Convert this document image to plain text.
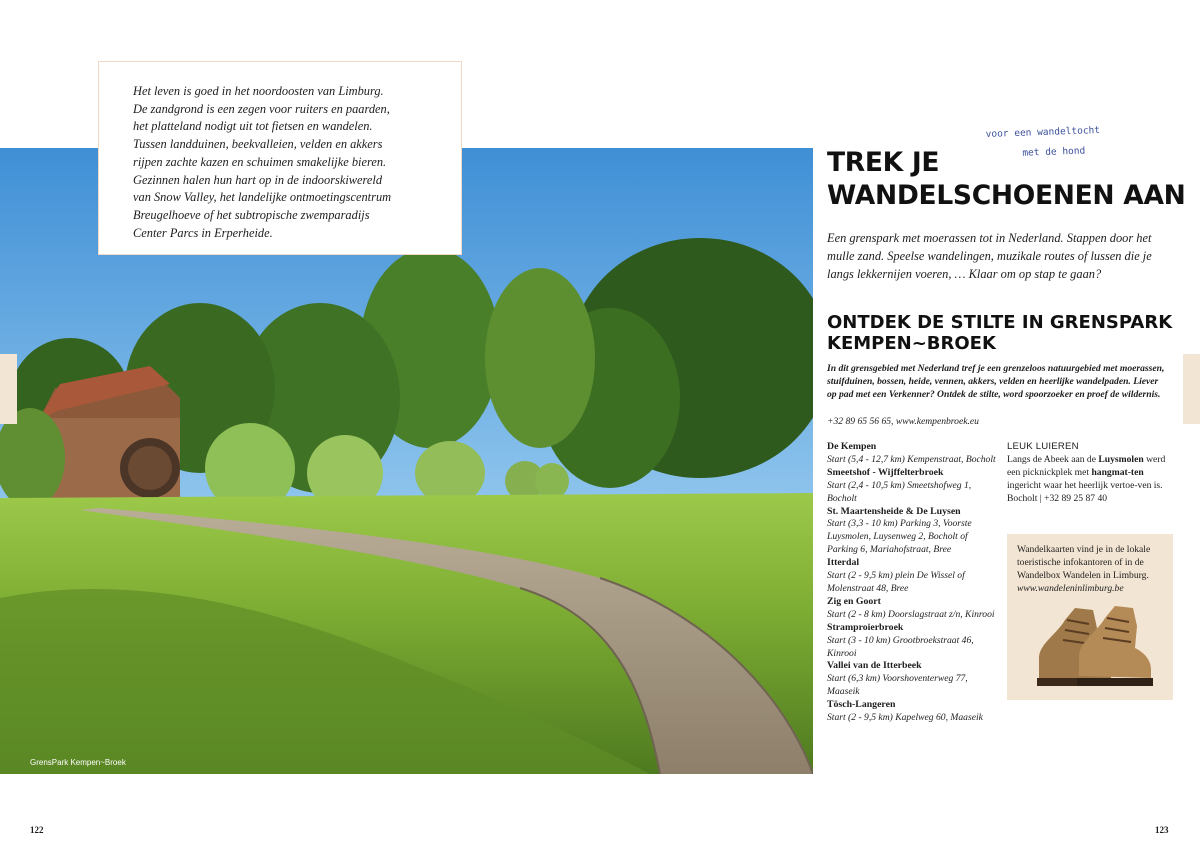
GrensPark Kempen~Broek

Het leven is goed in het noordoosten van Limburg.
De zandgrond is een zegen voor ruiters en paarden,
het platteland nodigt uit tot fietsen en wandelen.
Tussen landduinen, beekvalleien, velden en akkers
rijpen zachte kazen en schuimen smakelijke bieren.
Gezinnen halen hun hart op in de indoorskiwereld
van Snow Valley, het landelijke ontmoetingscentrum
Breugelhoeve of het subtropische zwemparadijs
Center Parcs in Erperheide.

122
voor een wandeltocht
met de hond
TREK JE WANDELSCHOENEN AAN

Een grenspark met moerassen tot in Nederland. Stappen door het mulle zand. Speelse wandelingen, muzikale routes of lussen die je langs lekkernijen voeren, … Klaar om op stap te gaan?

ONTDEK DE STILTE IN GRENSPARK KEMPEN~BROEK

In dit grensgebied met Nederland tref je een grenzeloos natuurgebied met moerassen, stuifduinen, bossen, heide, vennen, akkers, velden en heerlijke wandelpaden. Liever op pad met een Verkenner? Ontdek de stilte, word spoorzoeker en proef de wildernis.

+32 89 65 56 65, www.kempenbroek.eu

De Kempen
Start (5,4 - 12,7 km) Kempenstraat, Bocholt
Smeetshof - Wijffelterbroek
Start (2,4 - 10,5 km) Smeetshofweg 1, Bocholt
St. Maartensheide & De Luysen
Start (3,3 - 10 km) Parking 3, Voorste Luysmolen, Luysenweg 2, Bocholt of Parking 6, Mariahofstraat, Bree
Itterdal
Start (2 - 9,5 km) plein De Wissel of Molenstraat 48, Bree
Zig en Goort
Start (2 - 8 km) Doorslagstraat z/n, Kinrooi
Stramproierbroek
Start (3 - 10 km) Grootbroekstraat 46, Kinrooi
Vallei van de Itterbeek
Start (6,3 km) Voorshoventerweg 77, Maaseik
Tösch-Langeren
Start (2 - 9,5 km) Kapelweg 60, Maaseik
LEUK LUIEREN

Langs de Abeek aan de Luysmolen werd een picknickplek met hangmat-ten ingericht waar het heerlijk vertoe-ven is.

Bocholt | +32 89 25 87 40

Wandelkaarten vind je in de lokale toeristische infokantoren of in de Wandelbox Wandelen in Limburg.

www.wandeleninlimburg.be

123
